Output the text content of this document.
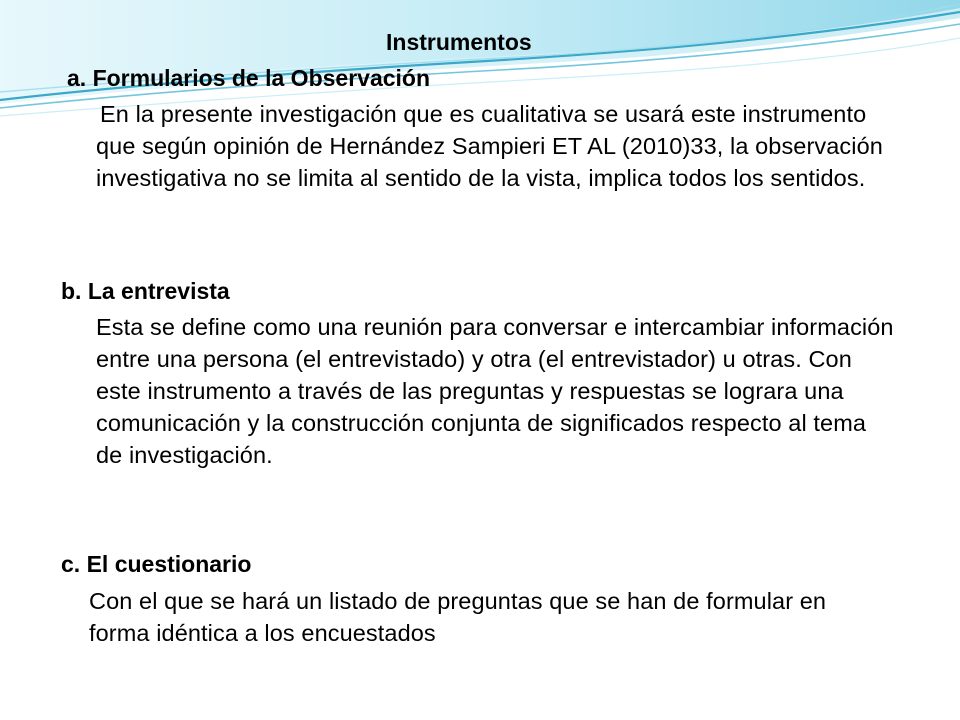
Instrumentos

a. Formularios de la Observación

En la presente investigación que es cualitativa se usará este instrumento que según opinión de Hernández Sampieri ET AL (2010)33, la observación investigativa no se limita al sentido de la vista, implica todos los sentidos.

b. La entrevista

Esta se define como una reunión para conversar e intercambiar información entre una persona (el entrevistado) y otra (el entrevistador) u otras. Con este instrumento a través de las preguntas y respuestas se lograra una comunicación y la construcción conjunta de significados respecto al tema de investigación.

c. El cuestionario

Con el que se hará un listado de preguntas que se han de formular en forma idéntica a los encuestados
